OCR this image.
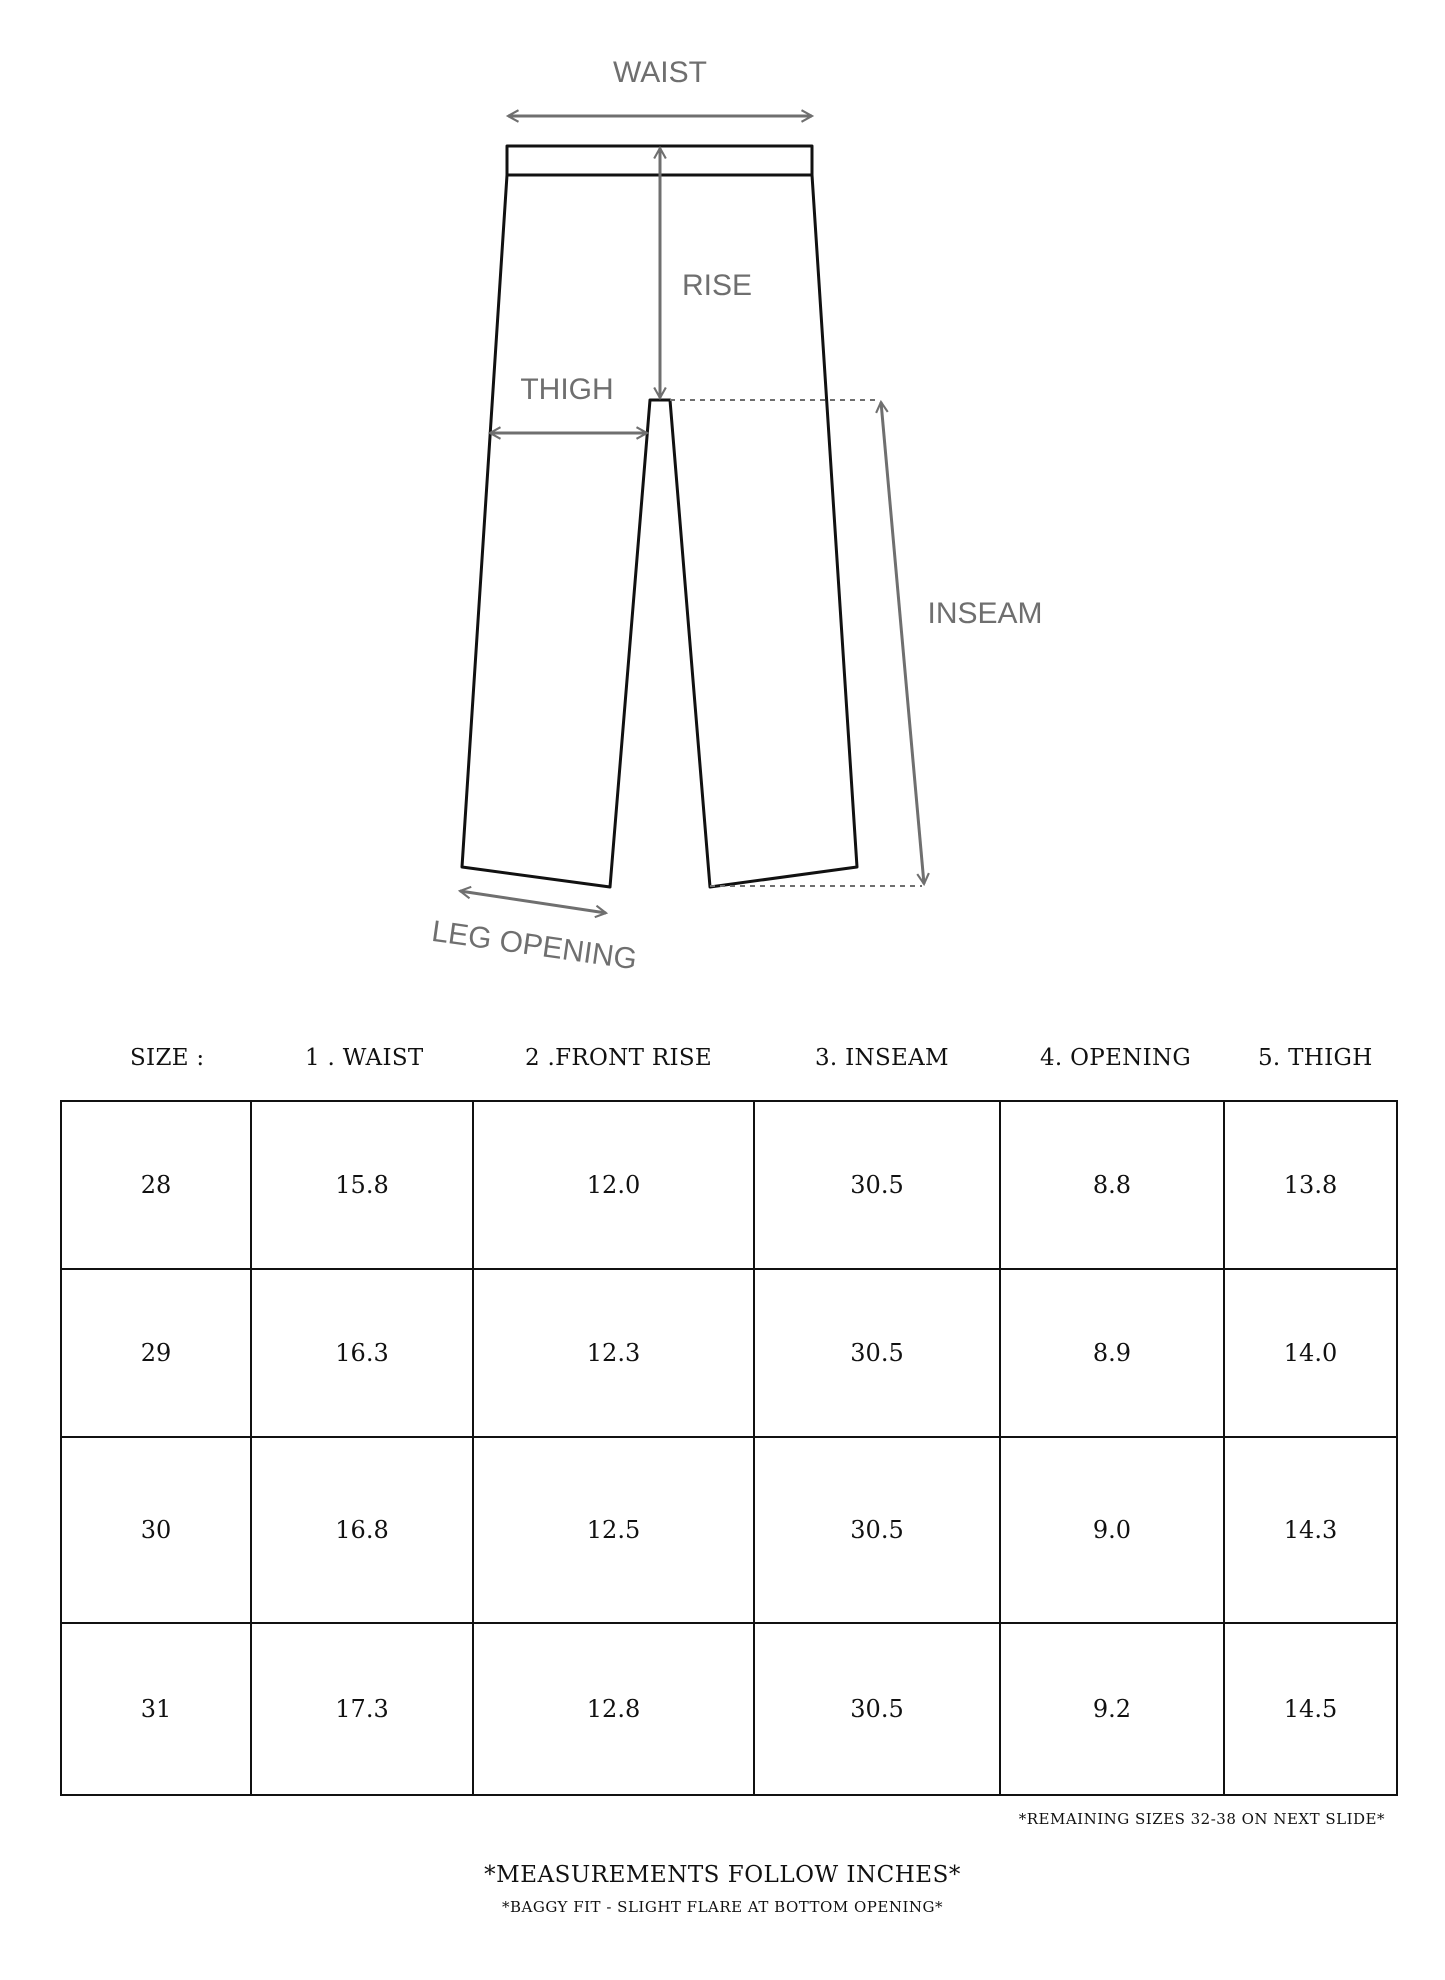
WAIST
RISE
THIGH
INSEAM
LEG OPENING
SIZE :	1 . WAIST	2 .FRONT RISE	3. INSEAM	4. OPENING	5. THIGH
28	15.8	12.0	30.5	8.8	13.8
29	16.3	12.3	30.5	8.9	14.0
30	16.8	12.5	30.5	9.0	14.3
31	17.3	12.8	30.5	9.2	14.5
*REMAINING SIZES 32-38 ON NEXT SLIDE*
*MEASUREMENTS FOLLOW INCHES*
*BAGGY FIT - SLIGHT FLARE AT BOTTOM OPENING*
